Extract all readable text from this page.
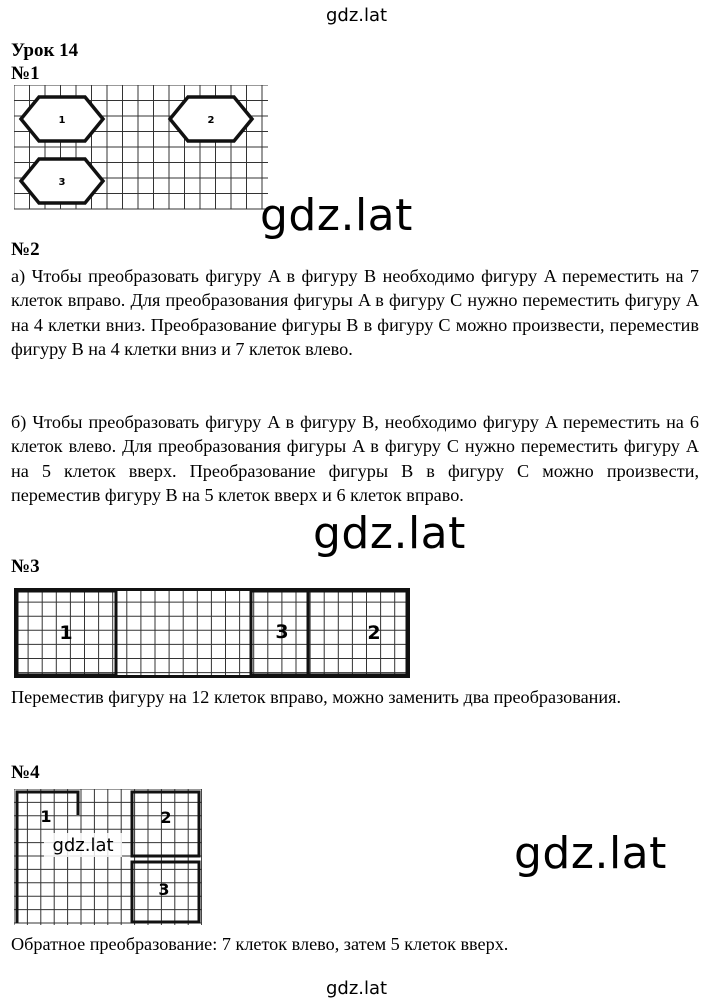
gdz.lat
Урок 14
№1
1	2
3
gdz.lat
№2

а) Чтобы преобразовать фигуру A в фигуру B необходимо фигуру A переместить на 7 клеток вправо. Для преобразования фигуры A в фигуру C нужно переместить фигуру A на 4 клетки вниз. Преобразование фигуры B в фигуру C можно произвести, переместив фигуру B на 4 клетки вниз и 7 клеток влево.

б) Чтобы преобразовать фигуру A в фигуру B, необходимо фигуру A переместить на 6 клеток влево. Для преобразования фигуры A в фигуру C нужно переместить фигуру A на 5 клеток вверх. Преобразование фигуры B в фигуру C можно произвести, переместив фигуру B на 5 клеток вверх и 6 клеток вправо.

gdz.lat
№3
1	3	2

Переместив фигуру на 12 клеток вправо, можно заменить два преобразования.

№4
1	2
3
gdz.lat	gdz.lat

Обратное преобразование: 7 клеток влево, затем 5 клеток вверх.

gdz.lat
